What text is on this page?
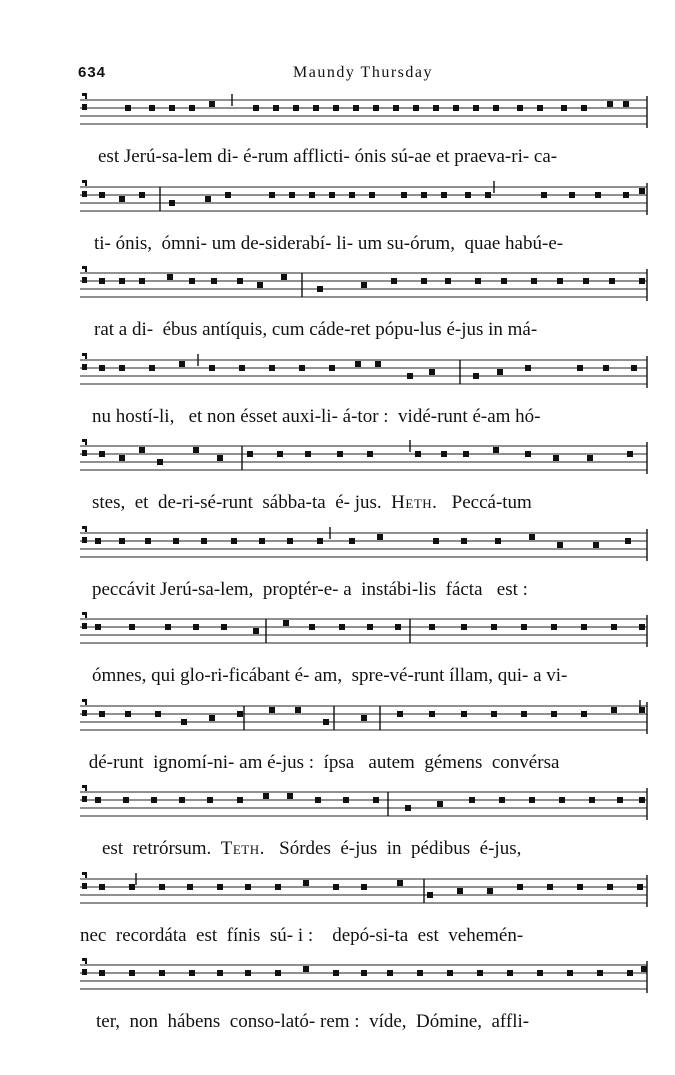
634	Maundy Thursday
est Jerú-sa-lem di- é-rum afflicti- ónis sú-ae et praeva-ri- ca-
ti- ónis,  ómni- um de-siderabí- li- um su-órum,  quae habú-e-
rat a di-  ébus antíquis, cum cáde-ret pópu-lus é-jus in má-
nu hostí-li,   et non ésset auxi-li- á-tor :  vidé-runt é-am hó-
stes,  et  de-ri-sé-runt  sábba-ta  é- jus.  Heth.   Peccá-tum
peccávit Jerú-sa-lem,  proptér-e- a  instábi-lis  fácta   est :
ómnes, qui glo-ri-ficábant é- am,  spre-vé-runt íllam, qui- a vi-
dé-runt  ignomí-ni- am é-jus :  ípsa   autem  gémens  convérsa
est  retrórsum.  Teth.   Sórdes  é-jus  in  pédibus  é-jus,
nec  recordáta  est  fínis  sú- i :    depó-si-ta  est  vehemén-
ter,  non  hábens  conso-lató- rem :  víde,  Dómine,  affli-
